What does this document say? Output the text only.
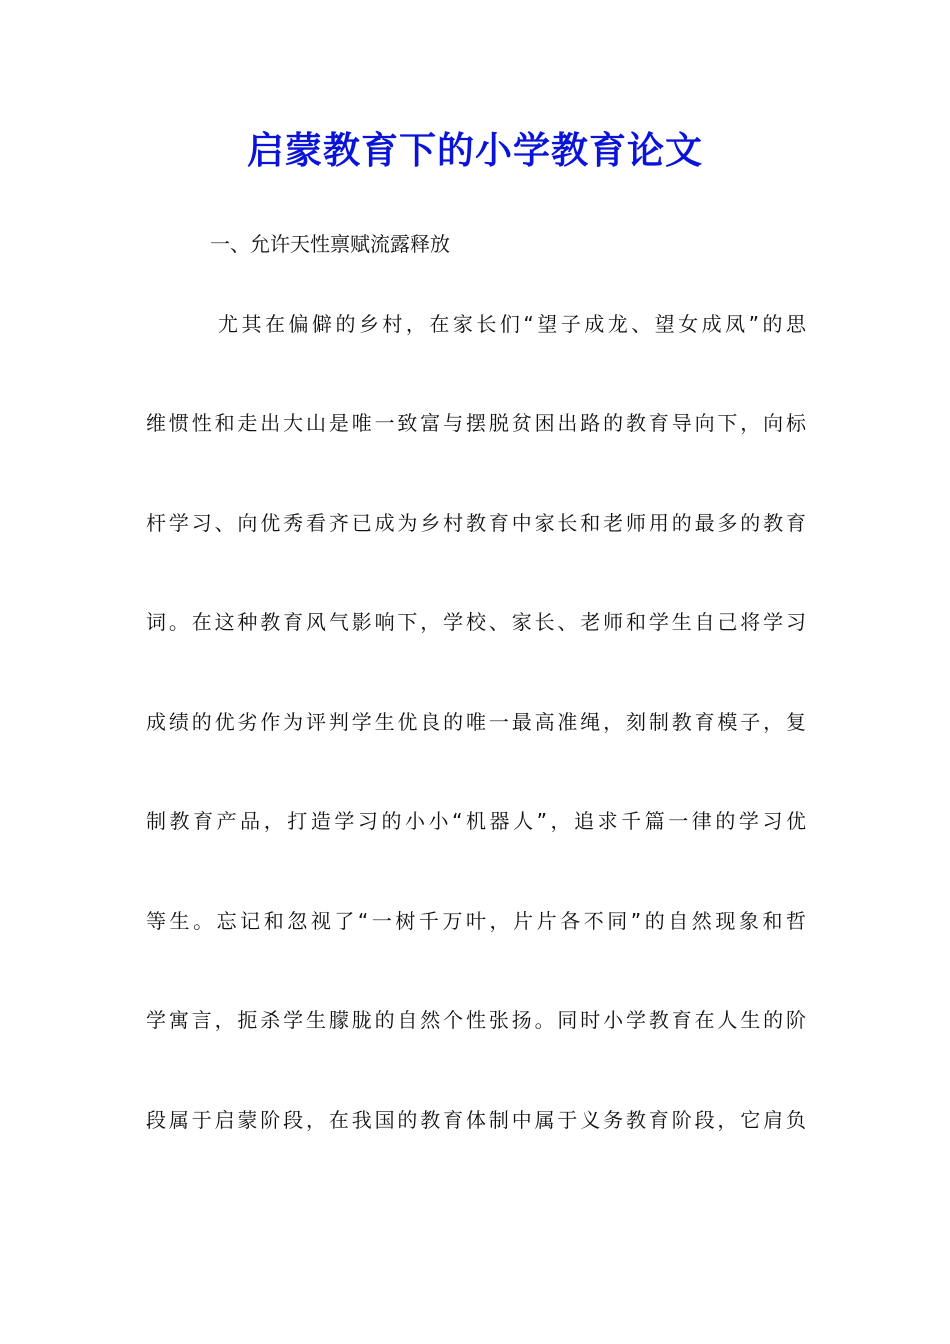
启蒙教育下的小学教育论文
一、允许天性禀赋流露释放
尤其在偏僻的乡村，在家长们“望子成龙、望女成凤”的思
维惯性和走出大山是唯一致富与摆脱贫困出路的教育导向下，向标
杆学习、向优秀看齐已成为乡村教育中家长和老师用的最多的教育
词。在这种教育风气影响下，学校、家长、老师和学生自己将学习
成绩的优劣作为评判学生优良的唯一最高准绳，刻制教育模子，复
制教育产品，打造学习的小小“机器人”，追求千篇一律的学习优
等生。忘记和忽视了“一树千万叶，片片各不同”的自然现象和哲
学寓言，扼杀学生朦胧的自然个性张扬。同时小学教育在人生的阶
段属于启蒙阶段，在我国的教育体制中属于义务教育阶段，它肩负
